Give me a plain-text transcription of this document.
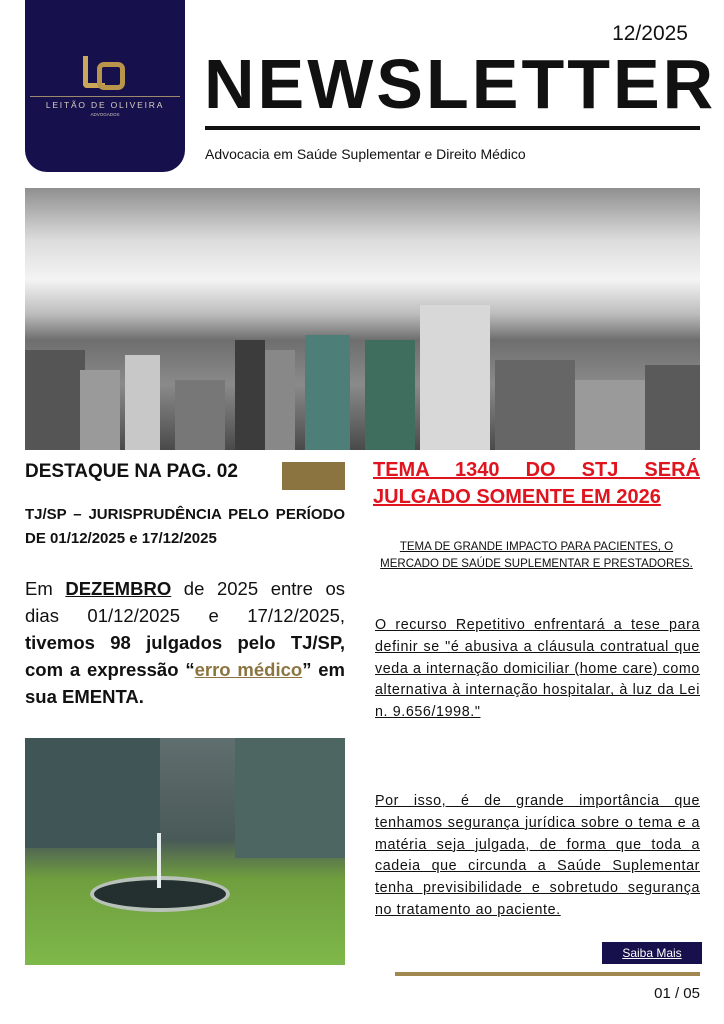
LEITÃO DE OLIVEIRA
ADVOGADOS
12/2025
NEWSLETTER
Advocacia em Saúde Suplementar e Direito Médico
DESTAQUE NA PAG. 02
TJ/SP – JURISPRUDÊNCIA PELO PERÍODO DE 01/12/2025 e 17/12/2025
Em DEZEMBRO de 2025 entre os dias 01/12/2025 e 17/12/2025, tivemos 98 julgados pelo TJ/SP, com a expressão “erro médico” em sua EMENTA.
TEMA 1340 DO STJ SERÁ JULGADO SOMENTE EM 2026
TEMA DE GRANDE IMPACTO PARA PACIENTES, O MERCADO DE SAÚDE SUPLEMENTAR E PRESTADORES.
O recurso Repetitivo enfrentará a tese para definir se "é abusiva a cláusula contratual que veda a internação domiciliar (home care) como alternativa à internação hospitalar, à luz da Lei n. 9.656/1998."
Por isso, é de grande importância que tenhamos segurança jurídica sobre o tema e a matéria seja julgada, de forma que toda a cadeia que circunda a Saúde Suplementar tenha previsibilidade e sobretudo segurança no tratamento ao paciente.
Saiba Mais
01 / 05
